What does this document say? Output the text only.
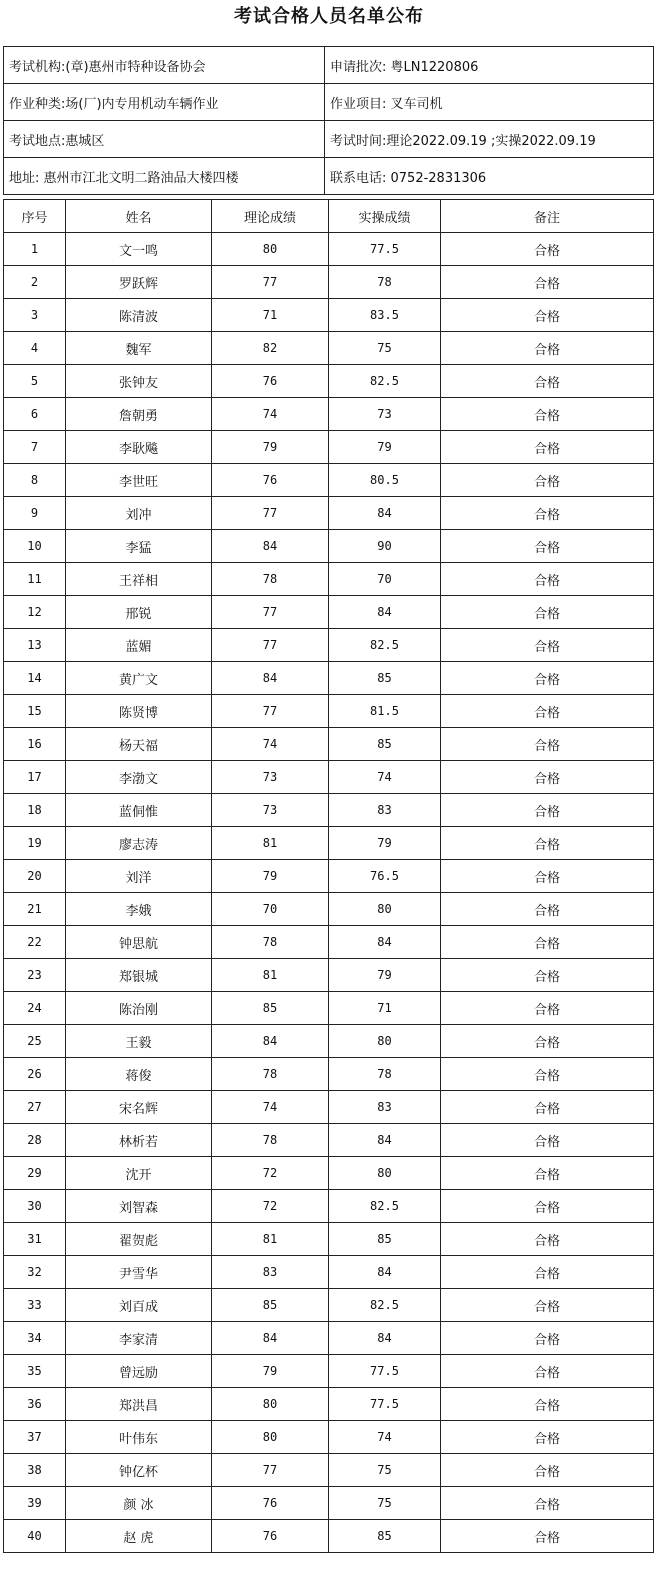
考试合格人员名单公布
考试机构:(章)惠州市特种设备协会	申请批次: 粤LN1220806
作业种类:场(厂)内专用机动车辆作业	作业项目: 叉车司机
考试地点:惠城区	考试时间:理论2022.09.19 ;实操2022.09.19
地址: 惠州市江北文明二路油品大楼四楼	联系电话: 0752-2831306
序号	姓名	理论成绩	实操成绩	备注
1	文一鸣	80	77.5	合格
2	罗跃辉	77	78	合格
3	陈清波	71	83.5	合格
4	魏军	82	75	合格
5	张钟友	76	82.5	合格
6	詹朝勇	74	73	合格
7	李耿飚	79	79	合格
8	李世旺	76	80.5	合格
9	刘冲	77	84	合格
10	李猛	84	90	合格
11	王祥相	78	70	合格
12	邢锐	77	84	合格
13	蓝媚	77	82.5	合格
14	黄广文	84	85	合格
15	陈贤博	77	81.5	合格
16	杨天福	74	85	合格
17	李渤文	73	74	合格
18	蓝侗惟	73	83	合格
19	廖志涛	81	79	合格
20	刘洋	79	76.5	合格
21	李娥	70	80	合格
22	钟思航	78	84	合格
23	郑银城	81	79	合格
24	陈治刚	85	71	合格
25	王毅	84	80	合格
26	蒋俊	78	78	合格
27	宋名辉	74	83	合格
28	林析若	78	84	合格
29	沈开	72	80	合格
30	刘智森	72	82.5	合格
31	翟贺彪	81	85	合格
32	尹雪华	83	84	合格
33	刘百成	85	82.5	合格
34	李家清	84	84	合格
35	曾远励	79	77.5	合格
36	郑洪昌	80	77.5	合格
37	叶伟东	80	74	合格
38	钟亿杯	77	75	合格
39	颜 冰	76	75	合格
40	赵 虎	76	85	合格
